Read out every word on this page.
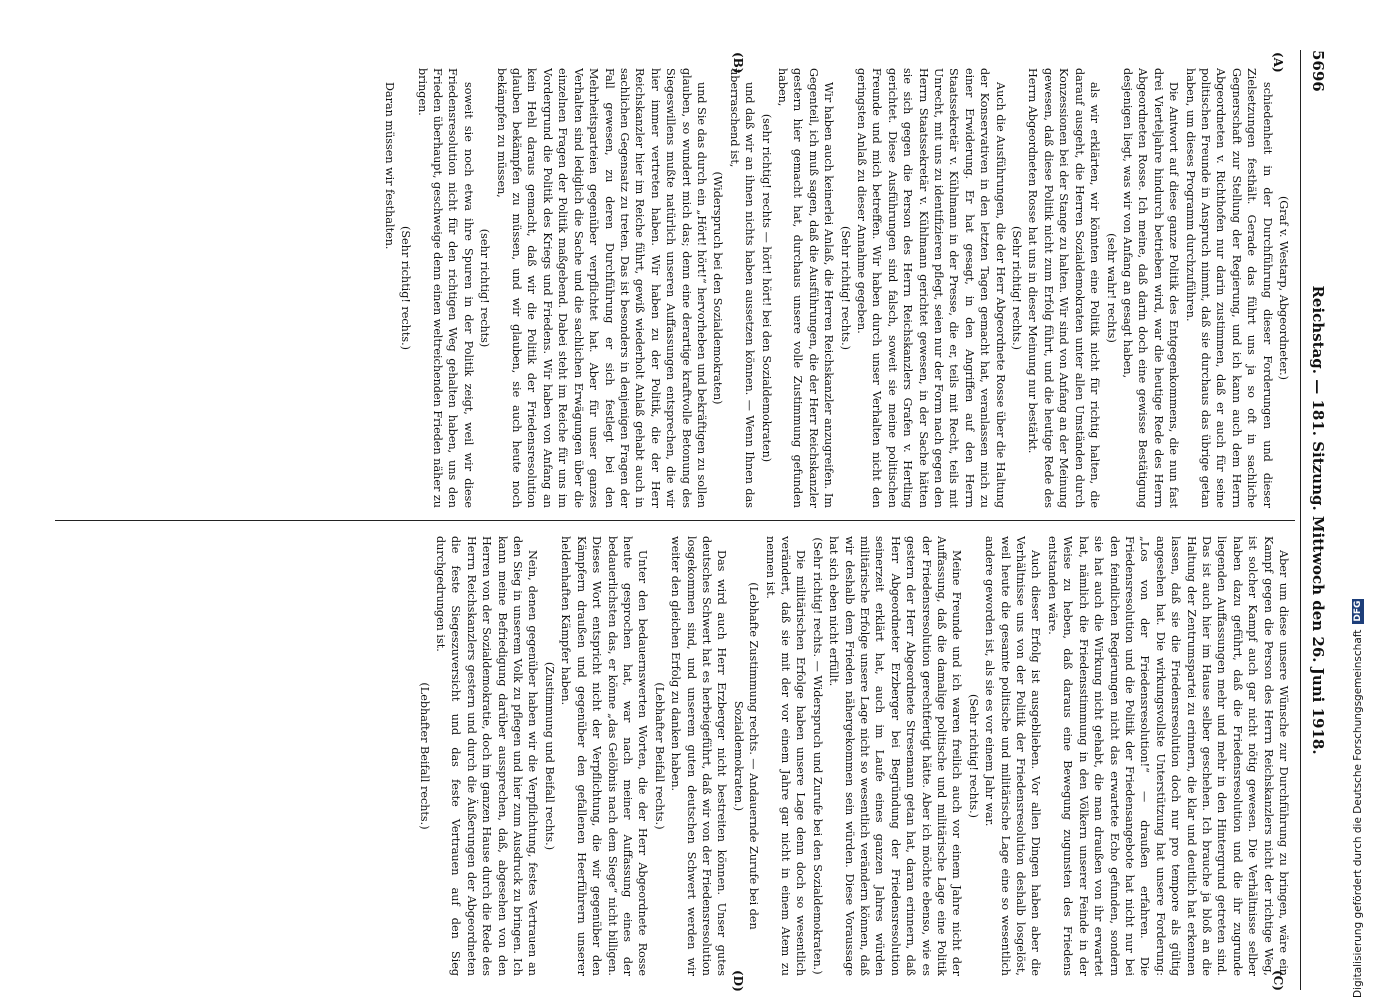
5696
Reichstag. — 181. Sitzung. Mittwoch den 26. Juni 1918.
(A)
(B)
(C)
(D)

(Graf v. Westarp, Abgeordneter.)

schiedenheit in der Durchführung dieser Forderungen und dieser Zielsetzungen festhält. Gerade das führt uns ja so oft in sachliche Gegnerschaft zur Stellung der Regierung, und ich kann auch dem Herrn Abgeordneten v. Richthofen nur darin zustimmen, daß er auch für seine politischen Freunde in Anspruch nimmt, daß sie durchaus das übrige getan haben, um dieses Programm durchzuführen.

Die Antwort auf diese ganze Politik des Entgegenkommens, die nun fast drei Vierteljahre hindurch betrieben wird, war die heutige Rede des Herrn Abgeordneten Rosse. Ich meine, daß darin doch eine gewisse Bestätigung desjenigen liegt, was wir von Anfang an gesagt haben,

(sehr wahr! rechts)

als wir erklärten, wir könnten eine Politik nicht für richtig halten, die darauf ausgeht, die Herren Sozialdemokraten unter allen Umständen durch Konzessionen bei der Stange zu halten. Wir sind von Anfang an der Meinung gewesen, daß diese Politik nicht zum Erfolg führt, und die heutige Rede des Herrn Abgeordneten Rosse hat uns in dieser Meinung nur bestärkt.

(Sehr richtig! rechts.)

Auch die Ausführungen, die der Herr Abgeordnete Rosse über die Haltung der Konservativen in den letzten Tagen gemacht hat, veranlassen mich zu einer Erwiderung. Er hat gesagt, in den Angriffen auf den Herrn Staatssekretär v. Kühlmann in der Presse, die er, teils mit Recht, teils mit Unrecht, mit uns zu identifizieren pflegt, seien nur der Form nach gegen den Herrn Staatssekretär v. Kühlmann gerichtet gewesen, in der Sache hätten sie sich gegen die Person des Herrn Reichskanzlers Grafen v. Hertling gerichtet. Diese Ausführungen sind falsch, soweit sie meine politischen Freunde und mich betreffen. Wir haben durch unser Verhalten nicht den geringsten Anlaß zu dieser Annahme gegeben.

(Sehr richtig! rechts.)

Wir haben auch keinerlei Anlaß, die Herren Reichskanzler anzugreifen. Im Gegenteil, ich muß sagen, daß die Ausführungen, die der Herr Reichskanzler gestern hier gemacht hat, durchaus unsere volle Zustimmung gefunden haben,

(sehr richtig! rechts — hört! hört! bei den Sozialdemokraten)

und daß wir an ihnen nichts haben aussetzen können. — Wenn Ihnen das überraschend ist,

(Widerspruch bei den Sozialdemokraten)

und Sie das durch ein „Hört! hört!“ hervorheben und bekräftigen zu sollen glauben, so wundert mich das; denn eine derartige kraftvolle Betonung des Siegeswillens mußte natürlich unseren Auffassungen entsprechen, die wir hier immer vertreten haben. Wir haben zu der Politik, die der Herr Reichskanzler hier im Reiche führt, gewiß wiederholt Anlaß gehabt auch in sachlichen Gegensatz zu treten. Das ist besonders in denjenigen Fragen der Fall gewesen, zu deren Durchführung er sich festlegt bei den Mehrheitsparteien gegenüber verpflichtet hat. Aber für unser ganzes Verhalten sind lediglich die Sache und die sachlichen Erwägungen über die einzelnen Fragen der Politik maßgebend. Dabei steht im Reiche für uns im Vordergrund die Politik des Kriegs und Friedens. Wir haben von Anfang an kein Hehl daraus gemacht, daß wir die Politik der Friedensresolution glauben bekämpfen zu müssen, und wir glauben, sie auch heute noch bekämpfen zu müssen,

(sehr richtig! rechts)

soweit sie noch etwa ihre Spuren in der Politik zeigt, weil wir diese Friedensresolution nicht für den richtigen Weg gehalten haben, uns den Frieden überhaupt, geschweige denn einen weltreichenden Frieden näher zu bringen.

(Sehr richtig! rechts.)

Daran müssen wir festhalten.

Aber um diese unsere Wünsche zur Durchführung zu bringen, wäre ein Kampf gegen die Person des Herrn Reichskanzlers nicht der richtige Weg, ist solcher Kampf auch gar nicht nötig gewesen. Die Verhältnisse selber haben dazu geführt, daß die Friedensresolution und die ihr zugrunde liegenden Auffassungen mehr und mehr in den Hintergrund getreten sind. Das ist auch hier im Hause selber geschehen. Ich brauche ja bloß an die Haltung der Zentrumspartei zu erinnern, die klar und deutlich hat erkennen lassen, daß sie die Friedensresolution doch nur pro tempore als gültig angesehen hat. Die wirkungsvollste Unterstützung hat unsere Forderung: „Los von der Friedensresolution!“ — draußen erfahren. Die Friedensresolution und die Politik der Friedensangebote hat nicht nur bei den feindlichen Regierungen nicht das erwartete Echo gefunden, sondern sie hat auch die Wirkung nicht gehabt, die man draußen von ihr erwartet hat, nämlich die Friedensstimmung in den Völkern unserer Feinde in der Weise zu heben, daß daraus eine Bewegung zugunsten des Friedens entstanden wäre.

Auch dieser Erfolg ist ausgeblieben. Vor allen Dingen haben aber die Verhältnisse uns von der Politik der Friedensresolution deshalb losgelöst, weil heute die gesamte politische und militärische Lage eine so wesentlich andere geworden ist, als sie es vor einem Jahr war.

(Sehr richtig! rechts.)

Meine Freunde und ich waren freilich auch vor einem Jahre nicht der Auffassung, daß die damalige politische und militärische Lage eine Politik der Friedensresolution gerechtfertigt hätte. Aber ich möchte ebenso, wie es gestern der Herr Abgeordnete Stresemann getan hat, daran erinnern, daß Herr Abgeordneter Erzberger bei Begründung der Friedensresolution seinerzeit erklärt hat, auch im Laufe eines ganzen Jahres würden militärische Erfolge unsere Lage nicht so wesentlich verändern können, daß wir deshalb dem Frieden nähergekommen sein würden. Diese Voraussage hat sich eben nicht erfüllt.

(Sehr richtig! rechts. — Widerspruch und Zurufe bei den Sozialdemokraten.)

Die militärischen Erfolge haben unsere Lage denn doch so wesentlich verändert, daß sie mit der vor einem Jahre gar nicht in einem Atem zu nennen ist.

(Lebhafte Zustimmung rechts. — Andauernde Zurufe bei den Sozialdemokraten.)

Das wird auch Herr Erzberger nicht bestreiten können. Unser gutes deutsches Schwert hat es herbeigeführt, daß wir von der Friedensresolution losgekommen sind, und unserem guten deutschen Schwert werden wir weiter den gleichen Erfolg zu danken haben.

(Lebhafter Beifall rechts.)

Unter den bedauernswerten Worten, die der Herr Abgeordnete Rosse heute gesprochen hat, war nach meiner Auffassung eines der bedauerlichsten das, er könne „das Gelöbnis nach dem Siege“ nicht billigen. Dieses Wort entspricht nicht der Verpflichtung, die wir gegenüber den Kämpfern draußen und gegenüber den gefallenen Heerführern unserer heldenhaften Kämpfer haben.

(Zustimmung und Beifall rechts.)

Nein, denen gegenüber haben wir die Verpflichtung, festes Vertrauen an den Sieg in unserem Volk zu pflegen und hier zum Ausdruck zu bringen. Ich kann meine Befriedigung darüber aussprechen, daß, abgesehen von den Herren von der Sozialdemokratie, doch im ganzen Hause durch die Rede des Herrn Reichskanzlers gestern und durch die Äußerungen der Abgeordneten die feste Siegeszuversicht und das feste Vertrauen auf den Sieg durchgedrungen ist.

(Lebhafter Beifall rechts.)	Digitalisierung gefördert durch die Deutsche Forschungsgemeinschaft
DFG
